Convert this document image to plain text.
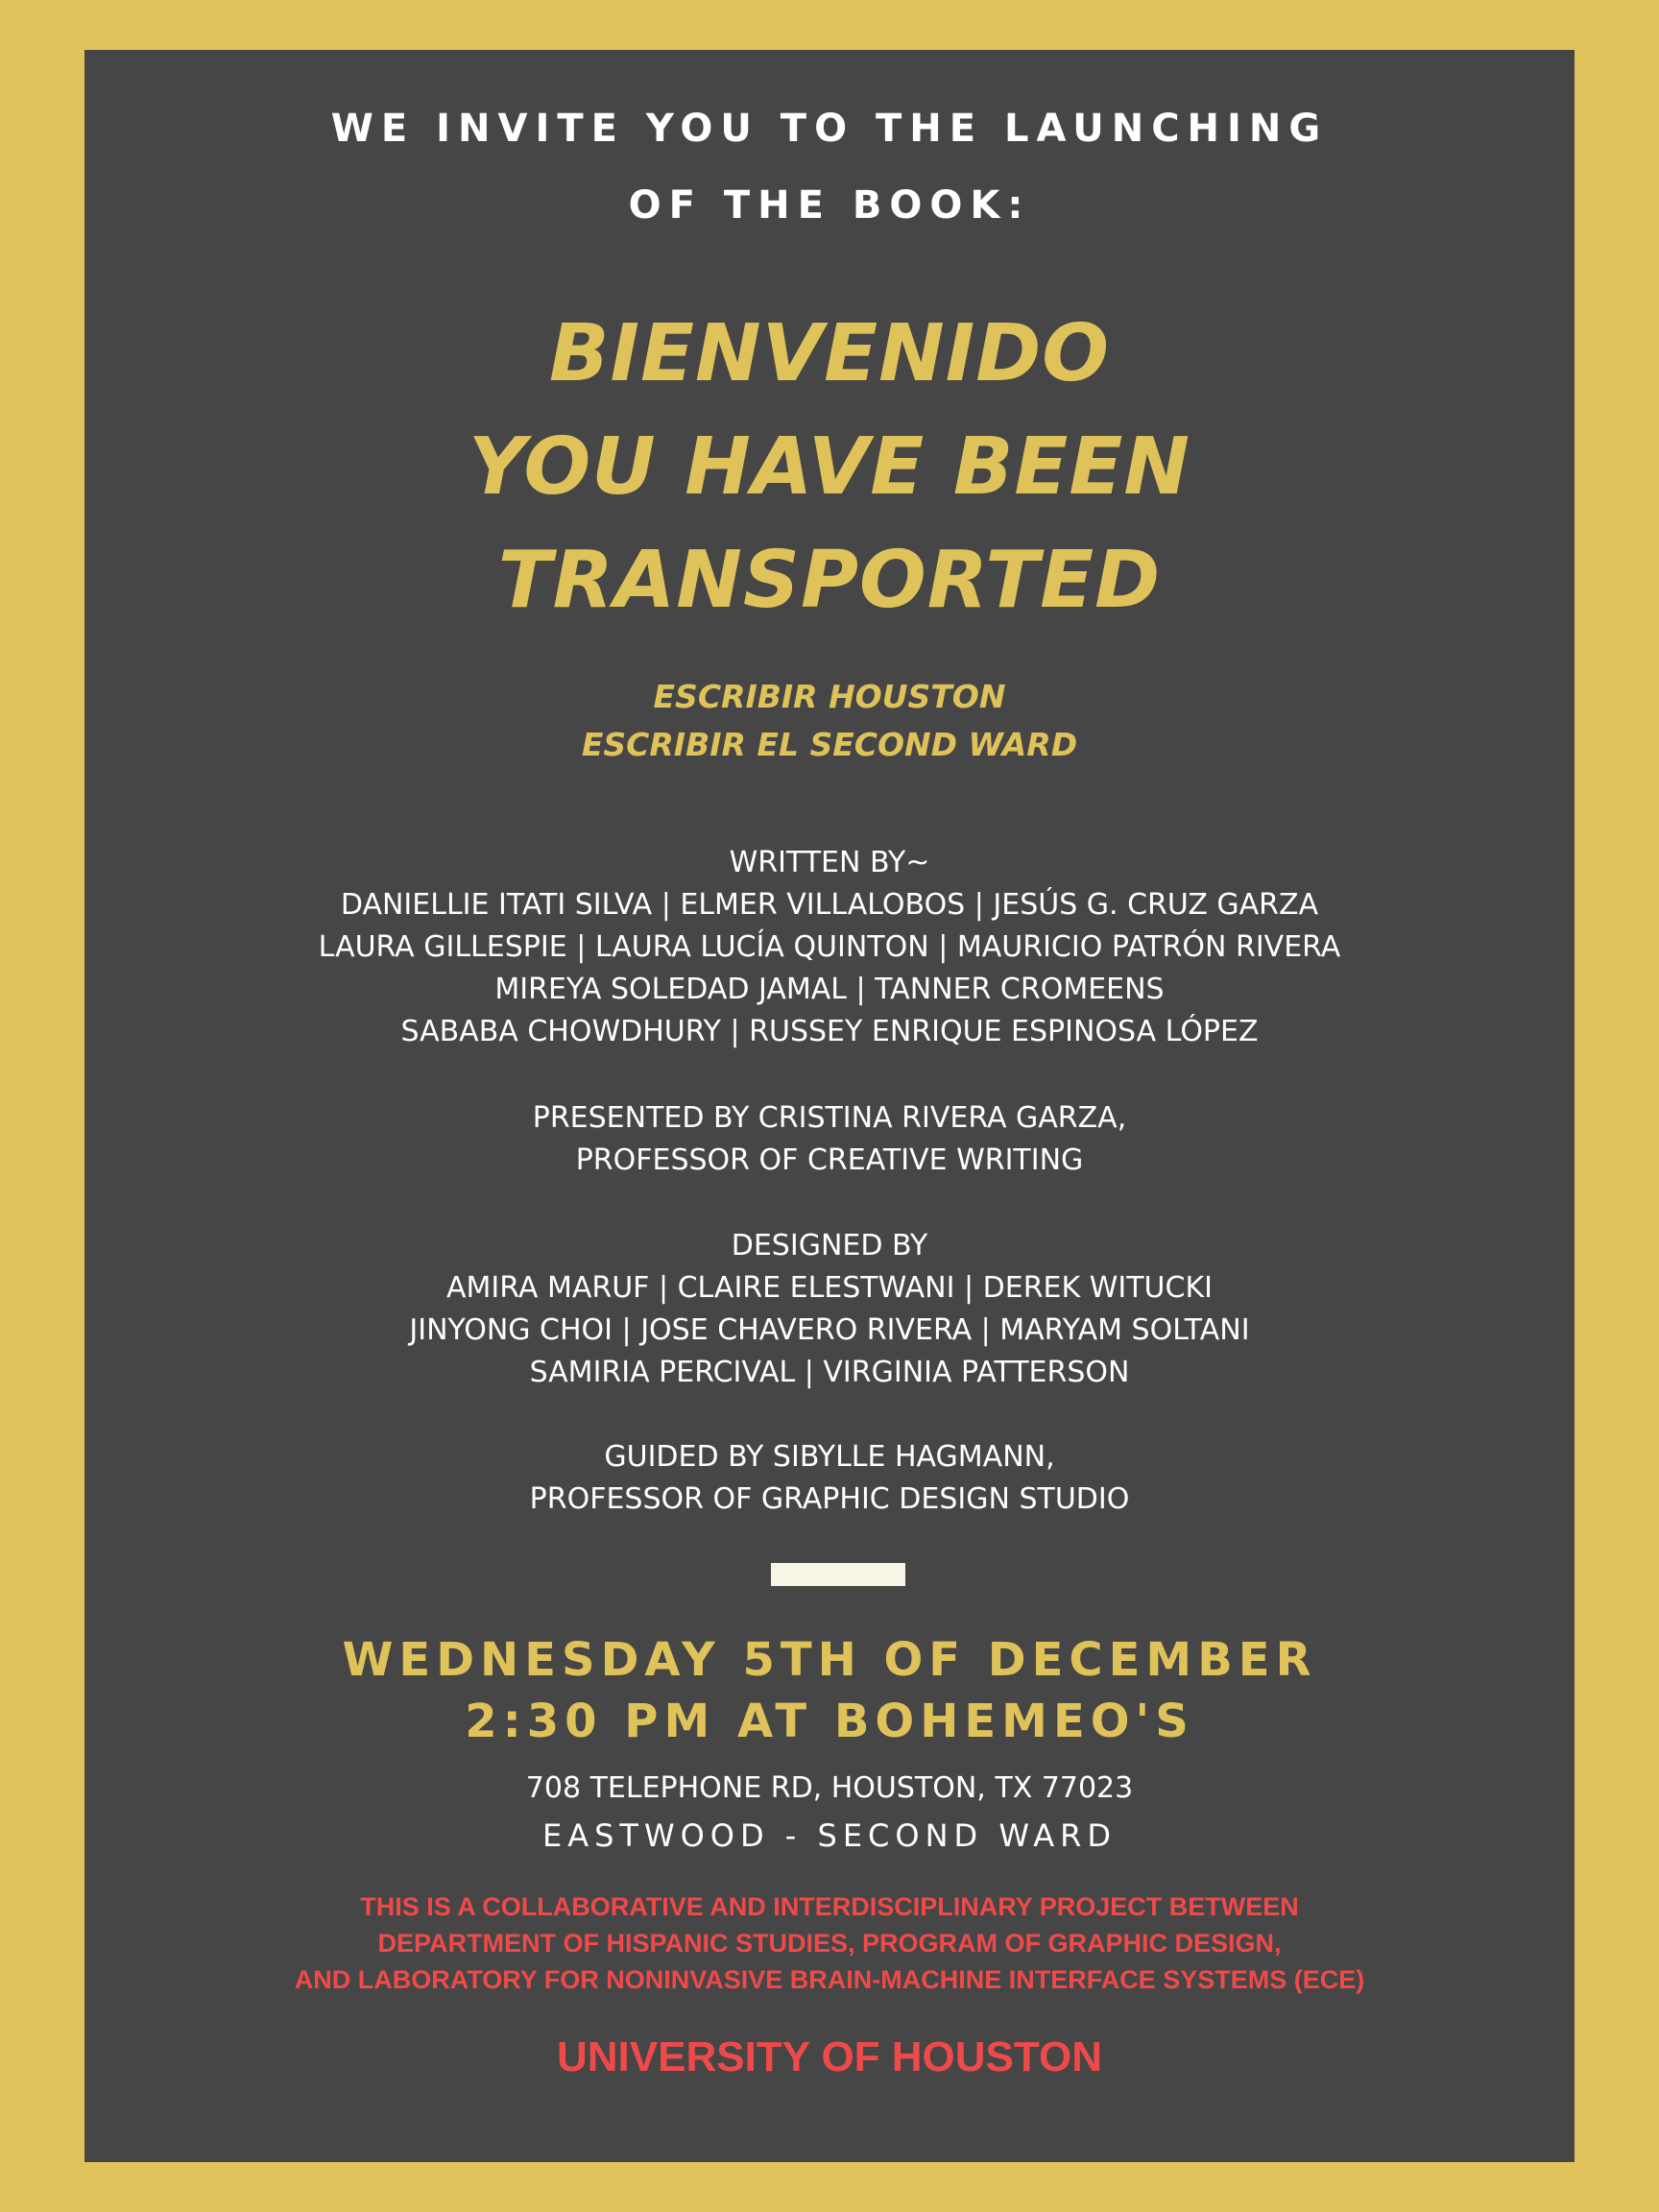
WE INVITE YOU TO THE LAUNCHING
OF THE BOOK:
BIENVENIDO
YOU HAVE BEEN
TRANSPORTED
ESCRIBIR HOUSTON
ESCRIBIR EL SECOND WARD
WRITTEN BY~
DANIELLIE ITATI SILVA | ELMER VILLALOBOS | JESÚS G. CRUZ GARZA
LAURA GILLESPIE | LAURA LUCÍA QUINTON | MAURICIO PATRÓN RIVERA
MIREYA SOLEDAD JAMAL | TANNER CROMEENS
SABABA CHOWDHURY | RUSSEY ENRIQUE ESPINOSA LÓPEZ
PRESENTED BY CRISTINA RIVERA GARZA,
PROFESSOR OF CREATIVE WRITING
DESIGNED BY
AMIRA MARUF | CLAIRE ELESTWANI | DEREK WITUCKI
JINYONG CHOI | JOSE CHAVERO RIVERA | MARYAM SOLTANI
SAMIRIA PERCIVAL | VIRGINIA PATTERSON
GUIDED BY SIBYLLE HAGMANN,
PROFESSOR OF GRAPHIC DESIGN STUDIO
WEDNESDAY 5TH OF DECEMBER
2:30 PM AT BOHEMEO'S
708 TELEPHONE RD, HOUSTON, TX 77023
EASTWOOD - SECOND WARD
THIS IS A COLLABORATIVE AND INTERDISCIPLINARY PROJECT BETWEEN
DEPARTMENT OF HISPANIC STUDIES, PROGRAM OF GRAPHIC DESIGN,
AND LABORATORY FOR NONINVASIVE BRAIN-MACHINE INTERFACE SYSTEMS (ECE)
UNIVERSITY OF HOUSTON
